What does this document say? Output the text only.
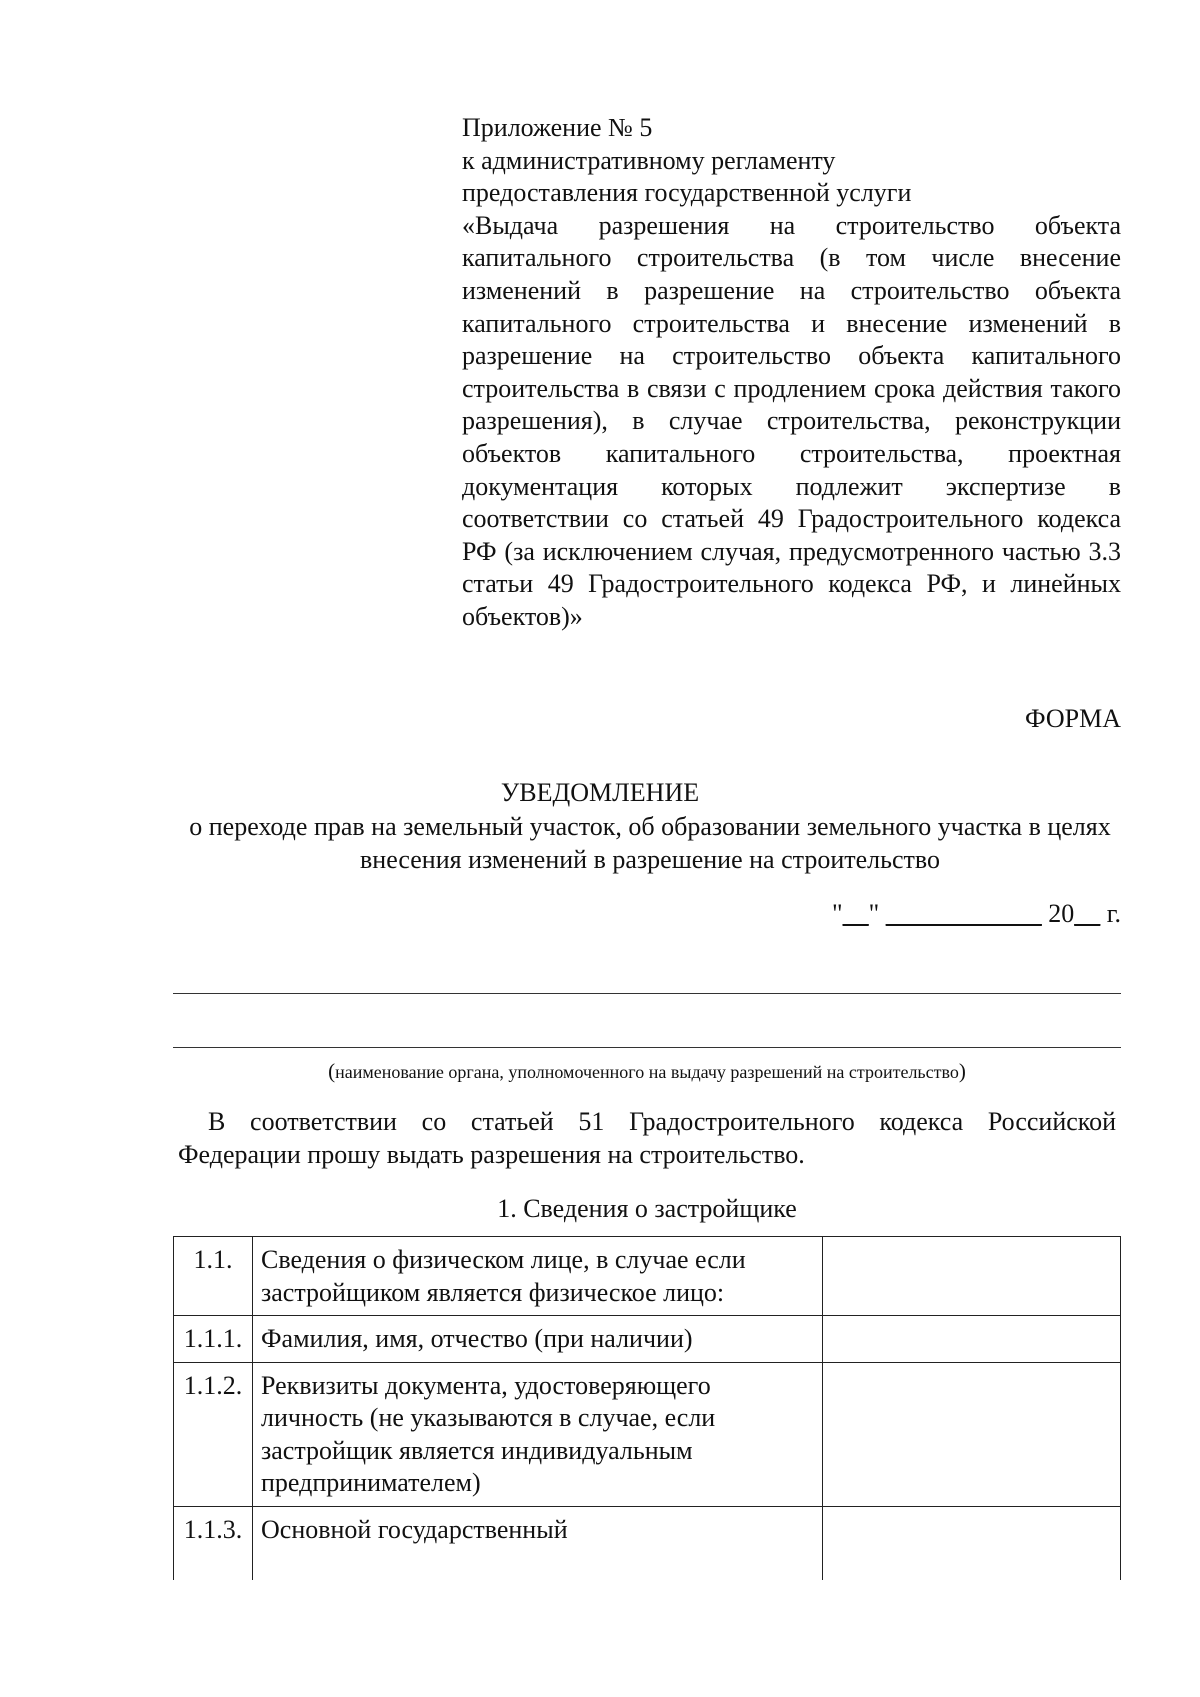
Приложение № 5
к административному регламенту
предоставления государственной услуги

«Выдача разрешения на строительство объекта капитального строительства (в том числе внесение изменений в разрешение на строительство объекта капитального строительства и внесение изменений в разрешение на строительство объекта капитального строительства в связи с продлением срока действия такого разрешения), в случае строительства, реконструкции объектов капитального строительства, проектная документация которых подлежит экспертизе в соответствии со статьей 49 Градостроительного кодекса РФ (за исключением случая, предусмотренного частью 3.3 статьи 49 Градостроительного кодекса РФ, и линейных объектов)»

ФОРМА
УВЕДОМЛЕНИЕ
о переходе прав на земельный участок, об образовании земельного участка в целях внесения изменений в разрешение на строительство
"__" ____________ 20__ г.
(наименование органа, уполномоченного на выдачу разрешений на строительство)

В соответствии со статьей 51 Градостроительного кодекса Российской Федерации прошу выдать разрешения на строительство.

1. Сведения о застройщике
1.1.	Сведения о физическом лице, в случае если застройщиком является физическое лицо:	
1.1.1.	Фамилия, имя, отчество (при наличии)	
1.1.2.	Реквизиты документа, удостоверяющего личность (не указываются в случае, если застройщик является индивидуальным предпринимателем)	
1.1.3.	Основной государственный	
